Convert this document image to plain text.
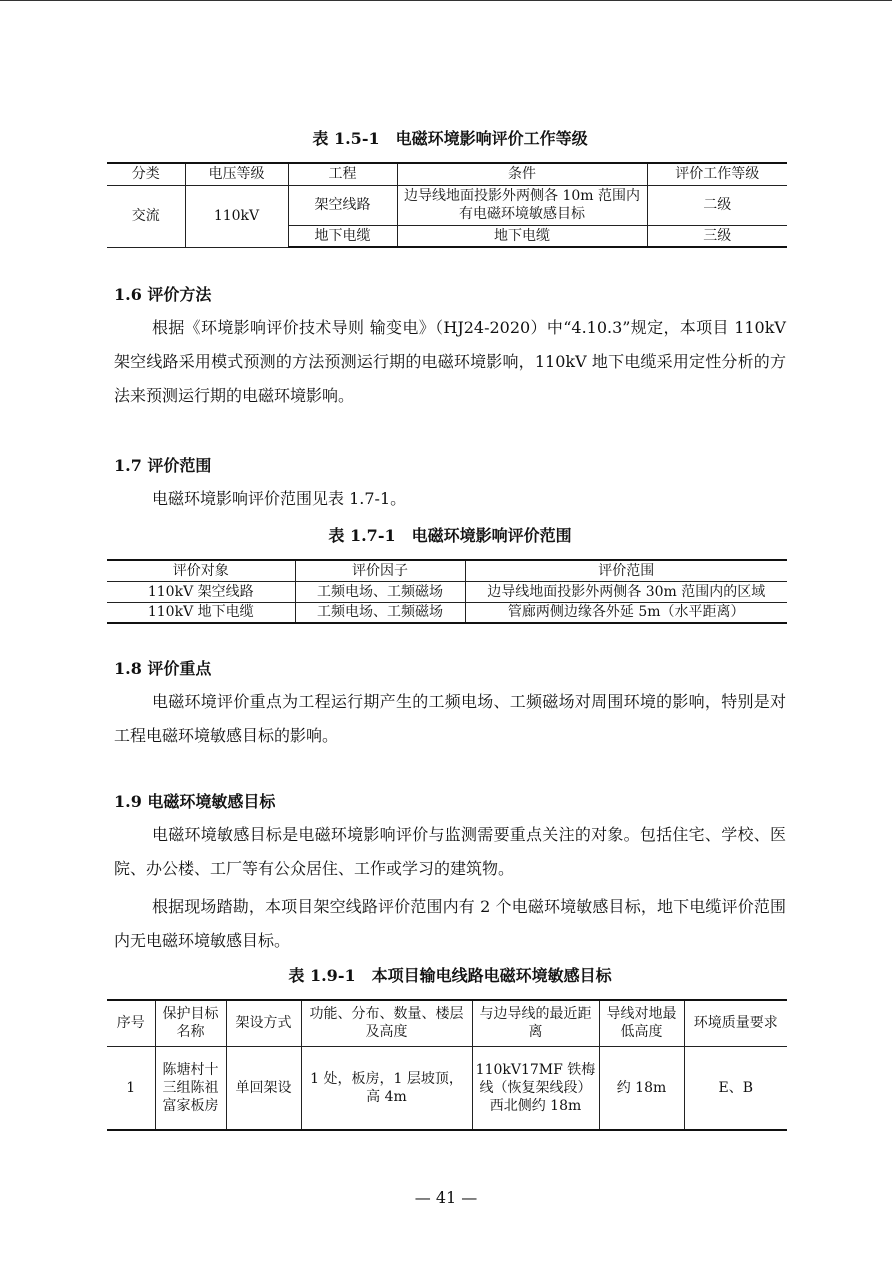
表 1.5-1　电磁环境影响评价工作等级
分类	电压等级	工程	条件	评价工作等级
交流	110kV	架空线路	边导线地面投影外两侧各 10m 范围内有电磁环境敏感目标	二级
		地下电缆	地下电缆	三级
1.6 评价方法
根据《环境影响评价技术导则 输变电》（HJ24-2020）中“4.10.3”规定，本项目 110kV 架空线路采用模式预测的方法预测运行期的电磁环境影响，110kV 地下电缆采用定性分析的方法来预测运行期的电磁环境影响。
1.7 评价范围
电磁环境影响评价范围见表 1.7-1。
表 1.7-1　电磁环境影响评价范围
评价对象	评价因子	评价范围
110kV 架空线路	工频电场、工频磁场	边导线地面投影外两侧各 30m 范围内的区域
110kV 地下电缆	工频电场、工频磁场	管廊两侧边缘各外延 5m（水平距离）
1.8 评价重点
电磁环境评价重点为工程运行期产生的工频电场、工频磁场对周围环境的影响，特别是对工程电磁环境敏感目标的影响。
1.9 电磁环境敏感目标
电磁环境敏感目标是电磁环境影响评价与监测需要重点关注的对象。包括住宅、学校、医院、办公楼、工厂等有公众居住、工作或学习的建筑物。
根据现场踏勘，本项目架空线路评价范围内有 2 个电磁环境敏感目标，地下电缆评价范围内无电磁环境敏感目标。
表 1.9-1　本项目输电线路电磁环境敏感目标
序号	保护目标名称	架设方式	功能、分布、数量、楼层及高度	与边导线的最近距离	导线对地最低高度	环境质量要求
1	陈塘村十三组陈祖富家板房	单回架设	1 处，板房，1 层坡顶，高 4m	110kV17MF 铁梅线（恢复架线段）西北侧约 18m	约 18m	E、B
— 41 —
